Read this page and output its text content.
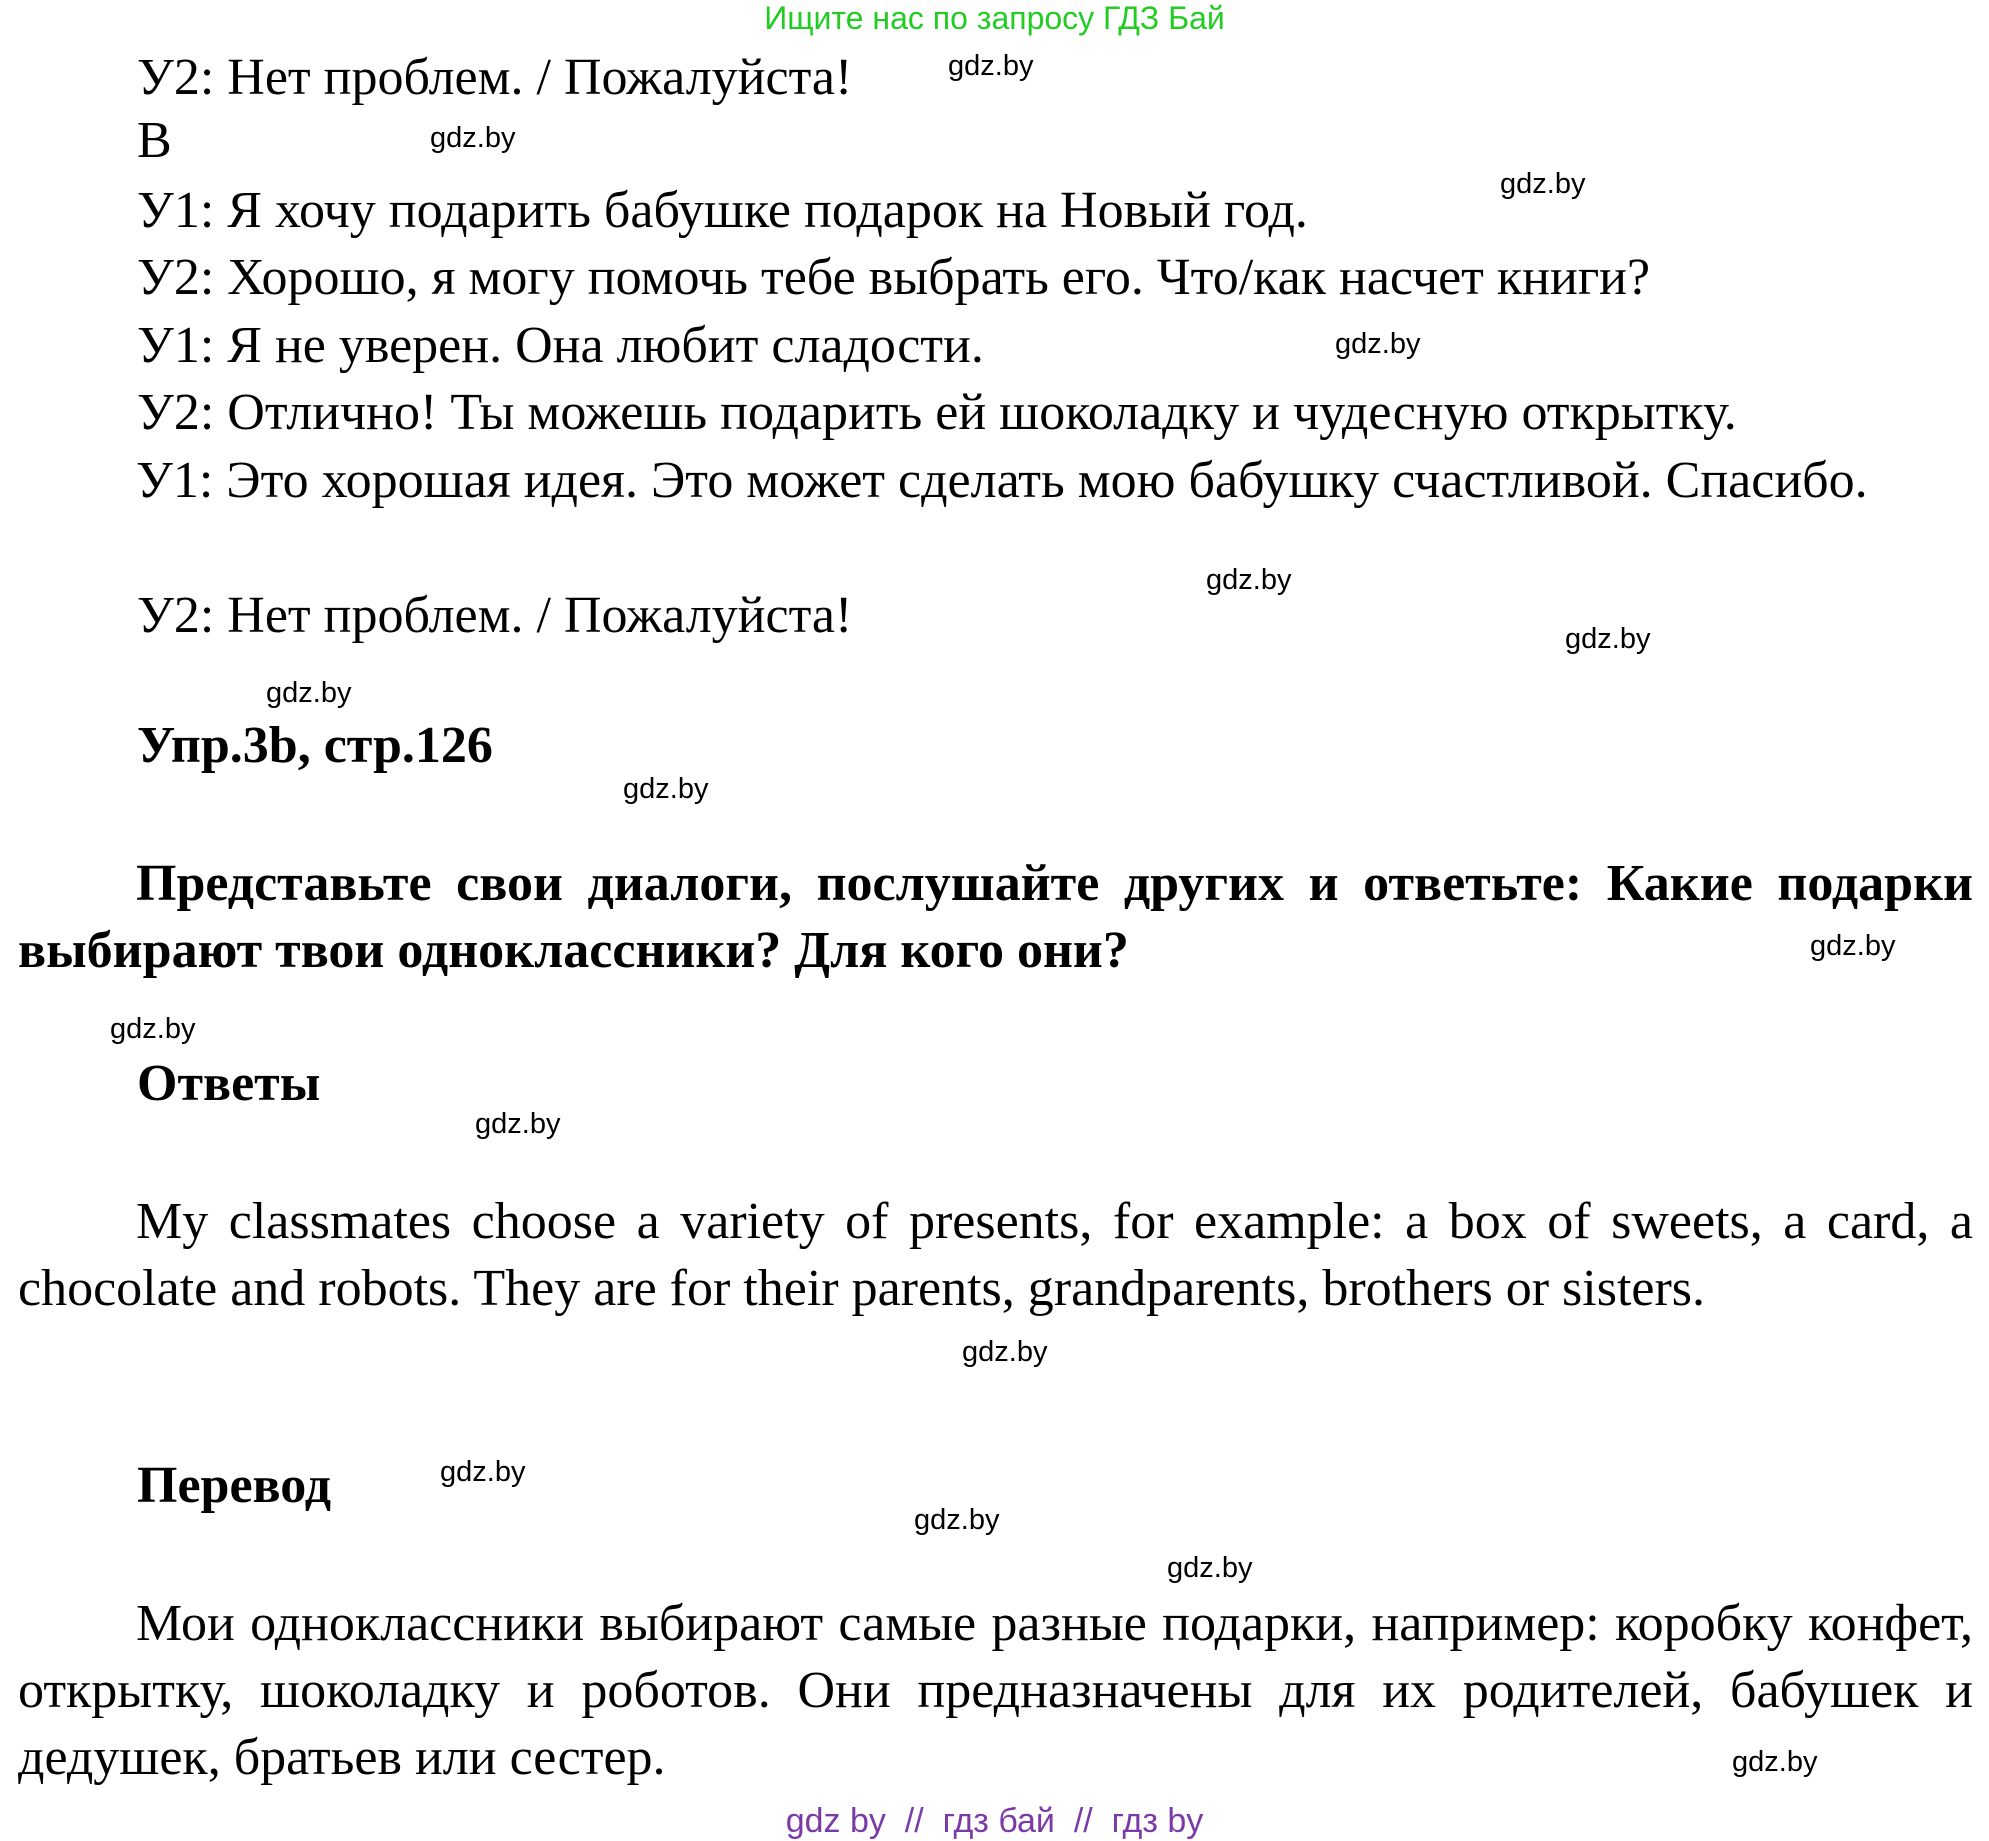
Ищите нас по запросу ГДЗ Бай
У2: Нет проблем. / Пожалуйста!
В
У1: Я хочу подарить бабушке подарок на Новый год.
У2: Хорошо, я могу помочь тебе выбрать его. Что/как насчет книги?
У1: Я не уверен. Она любит сладости.
У2: Отлично! Ты можешь подарить ей шоколадку и чудесную открытку.
У1: Это хорошая идея. Это может сделать мою бабушку счастливой. Спасибо.
У2: Нет проблем. / Пожалуйста!
Упр.3b, стр.126
Представьте свои диалоги, послушайте других и ответьте: Какие подарки выбирают твои одноклассники? Для кого они?
Ответы
My classmates choose a variety of presents, for example: a box of sweets, a card, a chocolate and robots. They are for their parents, grandparents, brothers or sisters.
Перевод
Мои одноклассники выбирают самые разные подарки, например: коробку конфет, открытку, шоколадку и роботов. Они предназначены для их родителей, бабушек и дедушек, братьев или сестер.
gdz.by
gdz.by
gdz.by
gdz.by
gdz.by
gdz.by
gdz.by
gdz.by
gdz.by
gdz.by
gdz.by
gdz.by
gdz.by
gdz.by
gdz.by
gdz.by
gdz by  //  гдз бай  //  гдз by
